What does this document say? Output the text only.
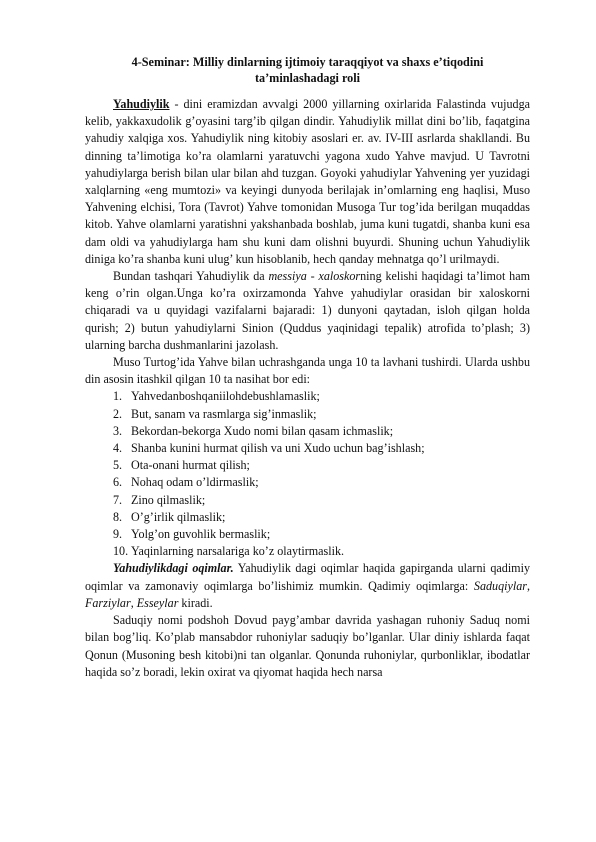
4-Seminar: Milliy dinlarning ijtimoiy taraqqiyot va shaxs e’tiqodini ta’minlashadagi roli

Yahudiylik - dini eramizdan avvalgi 2000 yillarning oxirlarida Falastinda vujudga kelib, yakkaxudolik g’oyasini targ’ib qilgan dindir. Yahudiylik millat dini bo’lib, faqatgina yahudiy xalqiga xos. Yahudiylik ning kitobiy asoslari er. av. IV-III asrlarda shakllandi. Bu dinning ta’limotiga ko’ra olamlarni yaratuvchi yagona xudo Yahve mavjud. U Tavrotni yahudiylarga berish bilan ular bilan ahd tuzgan. Goyoki yahudiylar Yahvening yer yuzidagi xalqlarning «eng mumtozi» va keyingi dunyoda berilajak in’omlarning eng haqlisi, Muso Yahvening elchisi, Tora (Tavrot) Yahve tomonidan Musoga Tur tog’ida berilgan muqaddas kitob. Yahve olamlarni yaratishni yakshanbada boshlab, juma kuni tugatdi, shanba kuni esa dam oldi va yahudiylarga ham shu kuni dam olishni buyurdi. Shuning uchun Yahudiylik diniga ko’ra shanba kuni ulug’ kun hisoblanib, hech qanday mehnatga qo’l urilmaydi.

Bundan tashqari Yahudiylik da messiya - xaloskorning kelishi haqidagi ta’limot ham keng o’rin olgan.Unga ko’ra oxirzamonda Yahve yahudiylar orasidan bir xaloskorni chiqaradi va u quyidagi vazifalarni bajaradi: 1) dunyoni qaytadan, isloh qilgan holda qurish; 2) butun yahudiylarni Sinion (Quddus yaqinidagi tepalik) atrofida to’plash; 3) ularning barcha dushmanlarini jazolash.

Muso Turtog’ida Yahve bilan uchrashganda unga 10 ta lavhani tushirdi. Ularda ushbu din asosin itashkil qilgan 10 ta nasihat bor edi:

1. Yahvedanboshqaniilohdebushlamaslik;
2. But, sanam va rasmlarga sig’inmaslik;
3. Bekordan-bekorga Xudo nomi bilan qasam ichmaslik;
4. Shanba kunini hurmat qilish va uni Xudo uchun bag’ishlash;
5. Ota-onani hurmat qilish;
6. Nohaq odam o’ldirmaslik;
7. Zino qilmaslik;
8. O’g’irlik qilmaslik;
9. Yolg’on guvohlik bermaslik;
10. Yaqinlarning narsalariga ko’z olaytirmaslik.

Yahudiylikdagi oqimlar. Yahudiylik dagi oqimlar haqida gapirganda ularni qadimiy oqimlar va zamonaviy oqimlarga bo’lishimiz mumkin. Qadimiy oqimlarga: Saduqiylar, Farziylar, Esseylar kiradi.

Saduqiy nomi podshoh Dovud payg’ambar davrida yashagan ruhoniy Saduq nomi bilan bog’liq. Ko’plab mansabdor ruhoniylar saduqiy bo’lganlar. Ular diniy ishlarda faqat Qonun (Musoning besh kitobi)ni tan olganlar. Qonunda ruhoniylar, qurbonliklar, ibodatlar haqida so’z boradi, lekin oxirat va qiyomat haqida hech narsa
